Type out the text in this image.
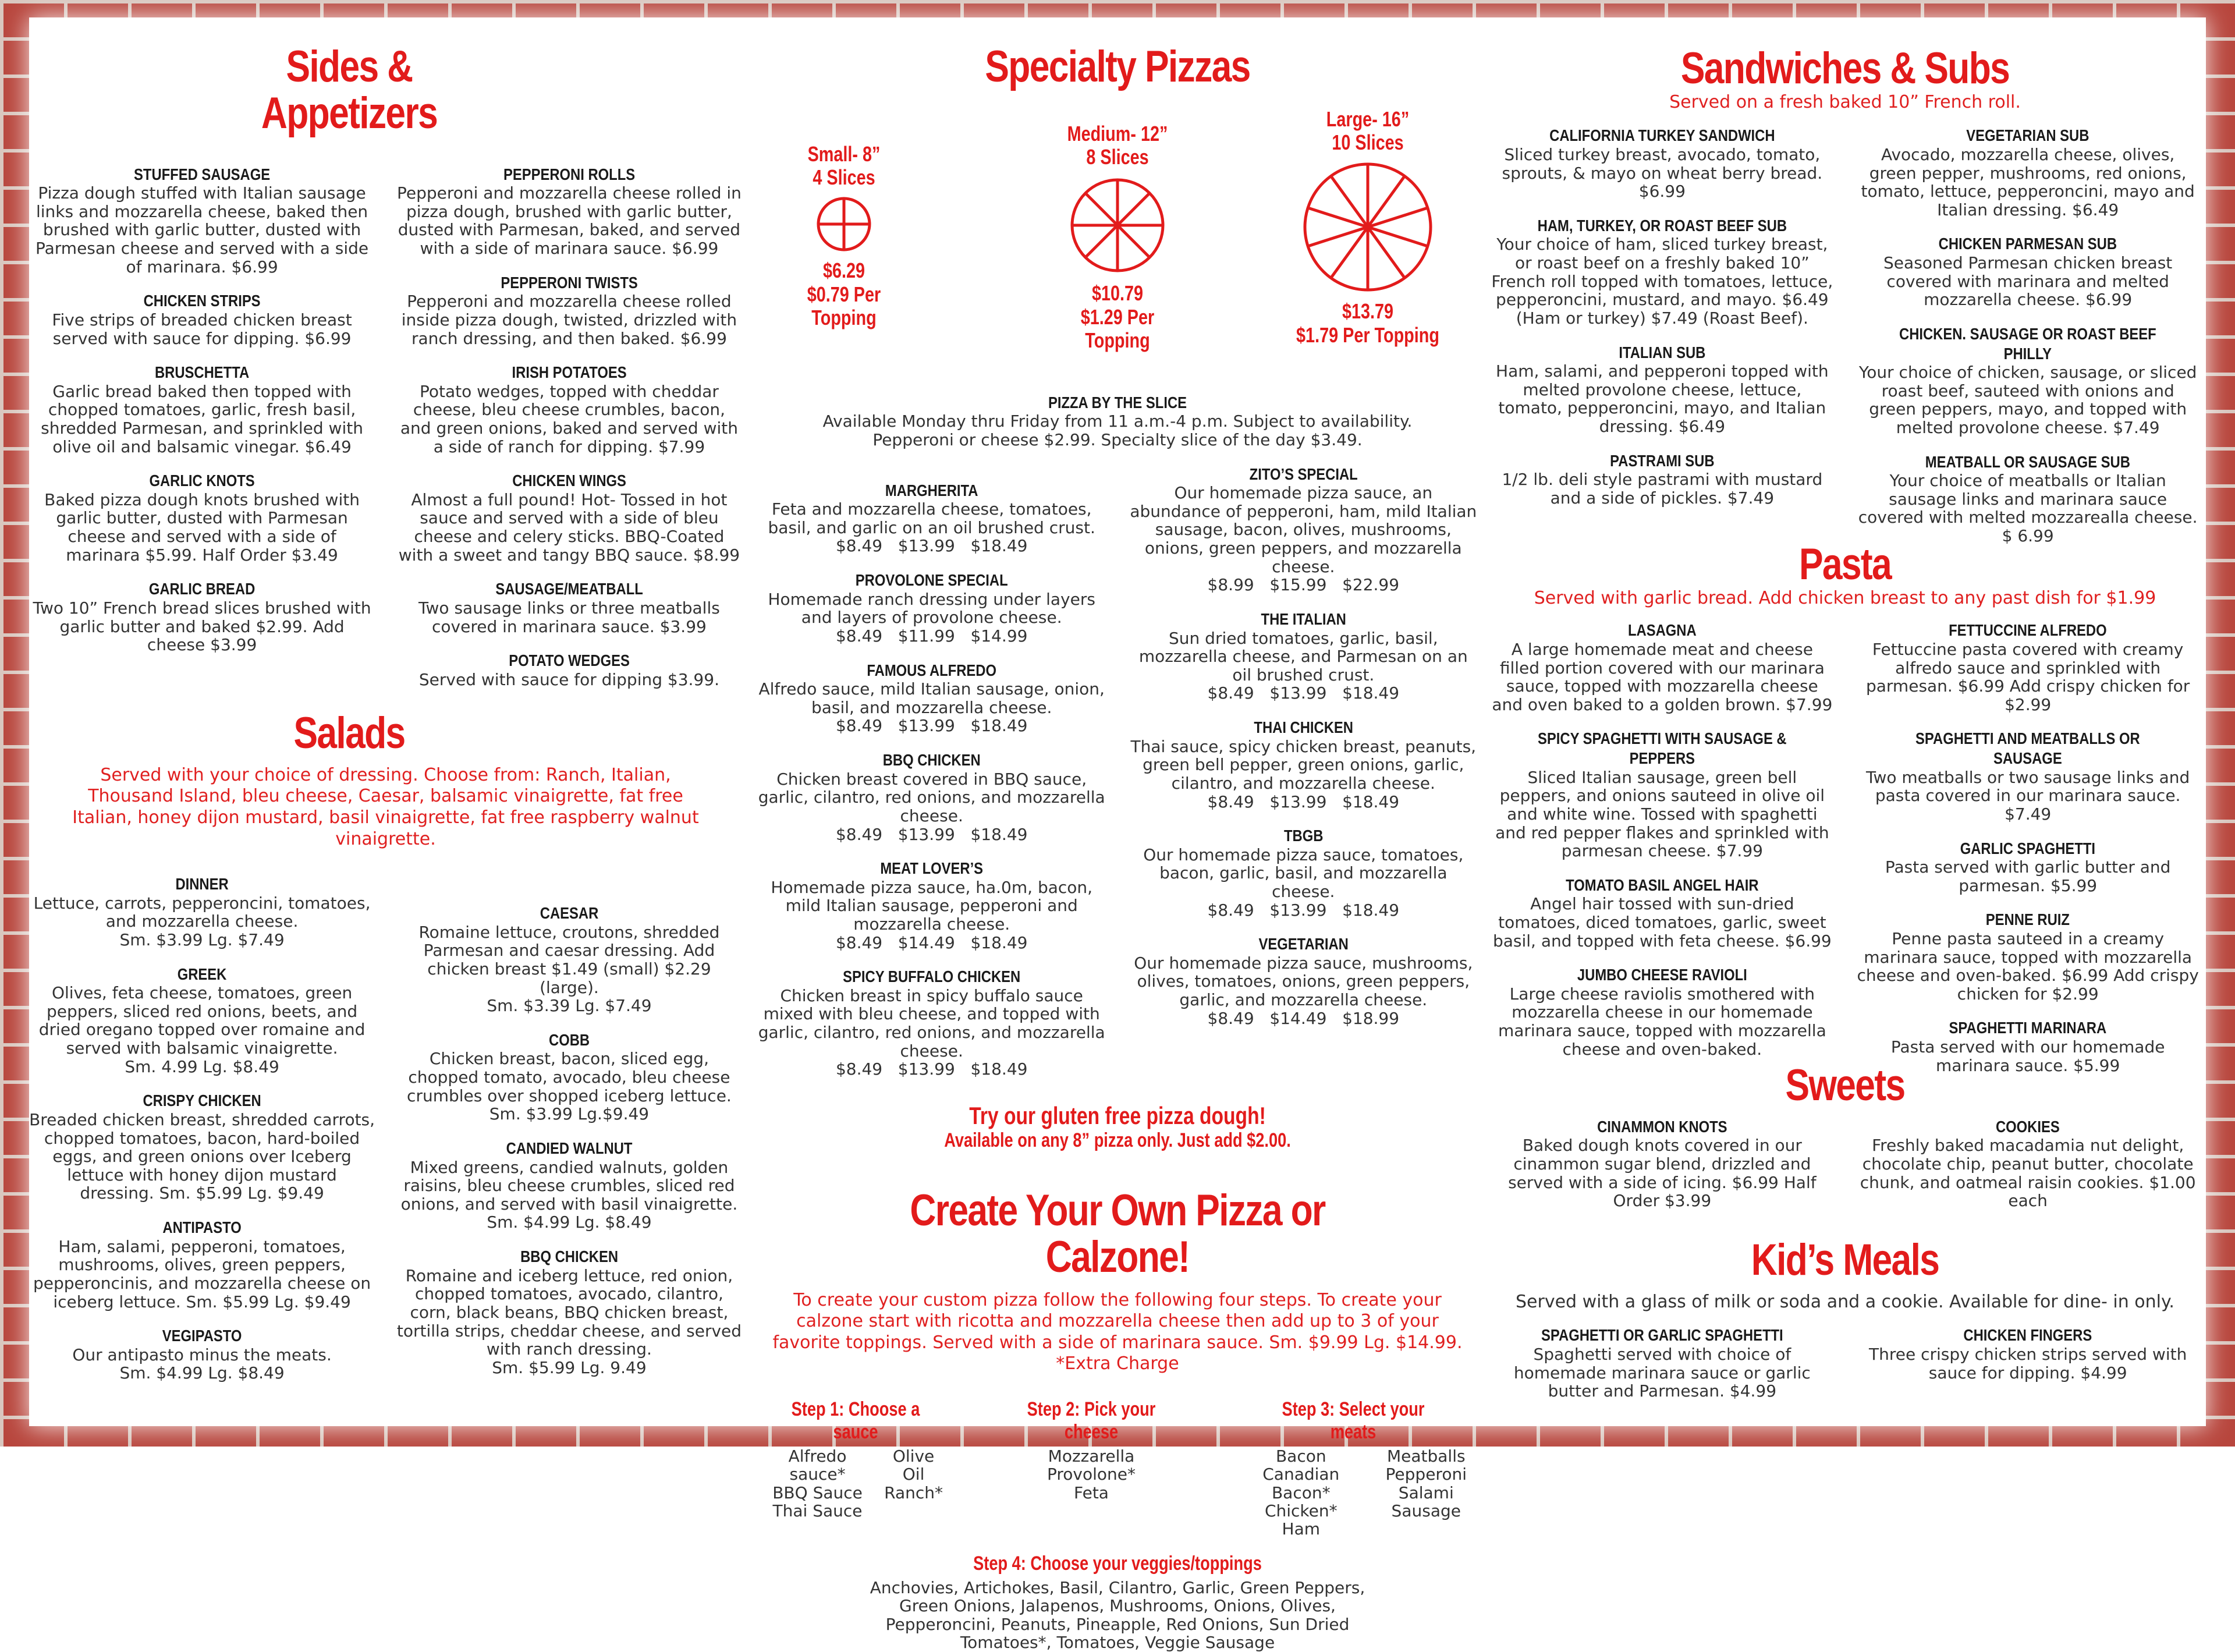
Sides & Appetizers
STUFFED SAUSAGE
Pizza dough stuffed with Italian sausage links and mozzarella cheese, baked then brushed with garlic butter, dusted with Parmesan cheese and served with a side of marinara. $6.99
CHICKEN STRIPS
Five strips of breaded chicken breast served with sauce for dipping. $6.99
BRUSCHETTA
Garlic bread baked then topped with chopped tomatoes, garlic, fresh basil, shredded Parmesan, and sprinkled with olive oil and balsamic vinegar. $6.49
GARLIC KNOTS
Baked pizza dough knots brushed with garlic butter, dusted with Parmesan cheese and served with a side of marinara $5.99. Half Order $3.49
GARLIC BREAD
Two 10” French bread slices brushed with garlic butter and baked $2.99. Add cheese $3.99
PEPPERONI ROLLS
Pepperoni and mozzarella cheese rolled in pizza dough, brushed with garlic butter, dusted with Parmesan, baked, and served with a side of marinara sauce. $6.99
PEPPERONI TWISTS
Pepperoni and mozzarella cheese rolled inside pizza dough, twisted, drizzled with ranch dressing, and then baked. $6.99
IRISH POTATOES
Potato wedges, topped with cheddar cheese, bleu cheese crumbles, bacon, and green onions, baked and served with a side of ranch for dipping. $7.99
CHICKEN WINGS
Almost a full pound! Hot- Tossed in hot sauce and served with a side of bleu cheese and celery sticks. BBQ-Coated with a sweet and tangy BBQ sauce. $8.99
SAUSAGE/MEATBALL
Two sausage links or three meatballs covered in marinara sauce. $3.99
POTATO WEDGES
Served with sauce for dipping $3.99.
Salads

Served with your choice of dressing. Choose from: Ranch, Italian, Thousand Island, bleu cheese, Caesar, balsamic vinaigrette, fat free Italian, honey dijon mustard, basil vinaigrette, fat free raspberry walnut vinaigrette.

DINNER
Lettuce, carrots, pepperoncini, tomatoes, and mozzarella cheese.
Sm. $3.99 Lg. $7.49
GREEK
Olives, feta cheese, tomatoes, green peppers, sliced red onions, beets, and dried oregano topped over romaine and served with balsamic vinaigrette.
Sm. 4.99 Lg. $8.49
CRISPY CHICKEN
Breaded chicken breast, shredded carrots, chopped tomatoes, bacon, hard-boiled eggs, and green onions over Iceberg lettuce with honey dijon mustard dressing. Sm. $5.99 Lg. $9.49
ANTIPASTO
Ham, salami, pepperoni, tomatoes, mushrooms, olives, green peppers, pepperoncinis, and mozzarella cheese on iceberg lettuce. Sm. $5.99 Lg. $9.49
VEGIPASTO
Our antipasto minus the meats.
Sm. $4.99 Lg. $8.49
CAESAR
Romaine lettuce, croutons, shredded Parmesan and caesar dressing. Add chicken breast $1.49 (small) $2.29 (large).
Sm. $3.39 Lg. $7.49
COBB
Chicken breast, bacon, sliced egg, chopped tomato, avocado, bleu cheese crumbles over shopped iceberg lettuce.
Sm. $3.99 Lg.$9.49
CANDIED WALNUT
Mixed greens, candied walnuts, golden raisins, bleu cheese crumbles, sliced red onions, and served with basil vinaigrette.
Sm. $4.99 Lg. $8.49
BBQ CHICKEN
Romaine and iceberg lettuce, red onion, chopped tomatoes, avocado, cilantro, corn, black beans, BBQ chicken breast, tortilla strips, cheddar cheese, and served with ranch dressing.
Sm. $5.99 Lg. 9.49
Specialty Pizzas
Small- 8”
4 Slices
$6.29
$0.79 Per Topping
Medium- 12”
8 Slices
$10.79
$1.29 Per Topping
Large- 16”
10 Slices
$13.79
$1.79 Per Topping
PIZZA BY THE SLICE
Available Monday thru Friday from 11 a.m.-4 p.m. Subject to availability.
Pepperoni or cheese $2.99. Specialty slice of the day $3.49.
MARGHERITA
Feta and mozzarella cheese, tomatoes, basil, and garlic on an oil brushed crust.
$8.49   $13.99   $18.49
PROVOLONE SPECIAL
Homemade ranch dressing under layers and layers of provolone cheese.
$8.49   $11.99   $14.99
FAMOUS ALFREDO
Alfredo sauce, mild Italian sausage, onion, basil, and mozzarella cheese.
$8.49   $13.99   $18.49
BBQ CHICKEN
Chicken breast covered in BBQ sauce, garlic, cilantro, red onions, and mozzarella cheese.
$8.49   $13.99   $18.49
MEAT LOVER’S
Homemade pizza sauce, ha.0m, bacon, mild Italian sausage, pepperoni and mozzarella cheese.
$8.49   $14.49   $18.49
SPICY BUFFALO CHICKEN
Chicken breast in spicy buffalo sauce mixed with bleu cheese, and topped with garlic, cilantro, red onions, and mozzarella cheese.
$8.49   $13.99   $18.49
ZITO’S SPECIAL
Our homemade pizza sauce, an abundance of pepperoni, ham, mild Italian sausage, bacon, olives, mushrooms, onions, green peppers, and mozzarella cheese.
$8.99   $15.99   $22.99
THE ITALIAN
Sun dried tomatoes, garlic, basil, mozzarella cheese, and Parmesan on an oil brushed crust.
$8.49   $13.99   $18.49
THAI CHICKEN
Thai sauce, spicy chicken breast, peanuts, green bell pepper, green onions, garlic, cilantro, and mozzarella cheese.
$8.49   $13.99   $18.49
TBGB
Our homemade pizza sauce, tomatoes, bacon, garlic, basil, and mozzarella cheese.
$8.49   $13.99   $18.49
VEGETARIAN
Our homemade pizza sauce, mushrooms, olives, tomatoes, onions, green peppers, garlic, and mozzarella cheese.
$8.49   $14.49   $18.99
Try our gluten free pizza dough!
Available on any 8” pizza only. Just add $2.00.
Create Your Own Pizza or Calzone!

To create your custom pizza follow the following four steps. To create your calzone start with ricotta and mozzarella cheese then add up to 3 of your favorite toppings. Served with a side of marinara sauce. Sm. $9.99 Lg. $14.99. *Extra Charge

Step 1: Choose a sauce
Alfredo sauce*
BBQ Sauce
Thai Sauce
Olive Oil
Ranch*
Step 2: Pick your cheese
Mozzarella
Provolone*
Feta
Step 3: Select your meats
Bacon
Canadian Bacon*
Chicken*
Ham
Meatballs
Pepperoni
Salami
Sausage
Step 4: Choose your veggies/toppings
Anchovies, Artichokes, Basil, Cilantro, Garlic, Green Peppers, Green Onions, Jalapenos, Mushrooms, Onions, Olives, Pepperoncini, Peanuts, Pineapple, Red Onions, Sun Dried Tomatoes*, Tomatoes, Veggie Sausage
Sandwiches & Subs

Served on a fresh baked 10” French roll.

CALIFORNIA TURKEY SANDWICH
Sliced turkey breast, avocado, tomato, sprouts, & mayo on wheat berry bread. $6.99
HAM, TURKEY, OR ROAST BEEF SUB
Your choice of ham, sliced turkey breast, or roast beef on a freshly baked 10” French roll topped with tomatoes, lettuce, pepperoncini, mustard, and mayo. $6.49 (Ham or turkey) $7.49 (Roast Beef).
ITALIAN SUB
Ham, salami, and pepperoni topped with melted provolone cheese, lettuce, tomato, pepperoncini, mayo, and Italian dressing. $6.49
PASTRAMI SUB
1/2 lb. deli style pastrami with mustard and a side of pickles. $7.49
VEGETARIAN SUB
Avocado, mozzarella cheese, olives, green pepper, mushrooms, red onions, tomato, lettuce, pepperoncini, mayo and Italian dressing. $6.49
CHICKEN PARMESAN SUB
Seasoned Parmesan chicken breast covered with marinara and melted mozzarella cheese. $6.99
CHICKEN. SAUSAGE OR ROAST BEEF PHILLY
Your choice of chicken, sausage, or sliced roast beef, sauteed with onions and green peppers, mayo, and topped with melted provolone cheese. $7.49
MEATBALL OR SAUSAGE SUB
Your choice of meatballs or Italian sausage links and marinara sauce covered with melted mozzarealla cheese. $ 6.99
Pasta

Served with garlic bread. Add chicken breast to any past dish for $1.99

LASAGNA
A large homemade meat and cheese filled portion covered with our marinara sauce, topped with mozzarella cheese and oven baked to a golden brown. $7.99
SPICY SPAGHETTI WITH SAUSAGE & PEPPERS
Sliced Italian sausage, green bell peppers, and onions sauteed in olive oil and white wine. Tossed with spaghetti and red pepper flakes and sprinkled with parmesan cheese. $7.99
TOMATO BASIL ANGEL HAIR
Angel hair tossed with sun-dried tomatoes, diced tomatoes, garlic, sweet basil, and topped with feta cheese. $6.99
JUMBO CHEESE RAVIOLI
Large cheese raviolis smothered with mozzarella cheese in our homemade marinara sauce, topped with mozzarella cheese and oven-baked.
FETTUCCINE ALFREDO
Fettuccine pasta covered with creamy alfredo sauce and sprinkled with parmesan. $6.99 Add crispy chicken for $2.99
SPAGHETTI AND MEATBALLS OR SAUSAGE
Two meatballs or two sausage links and pasta covered in our marinara sauce. $7.49
GARLIC SPAGHETTI
Pasta served with garlic butter and parmesan. $5.99
PENNE RUIZ
Penne pasta sauteed in a creamy marinara sauce, topped with mozzarella cheese and oven-baked. $6.99 Add crispy chicken for $2.99
SPAGHETTI MARINARA
Pasta served with our homemade marinara sauce. $5.99
Sweets
CINAMMON KNOTS
Baked dough knots covered in our cinammon sugar blend, drizzled and served with a side of icing. $6.99 Half Order $3.99
COOKIES
Freshly baked macadamia nut delight, chocolate chip, peanut butter, chocolate chunk, and oatmeal raisin cookies. $1.00 each
Kid’s Meals

Served with a glass of milk or soda and a cookie. Available for dine- in only.

SPAGHETTI OR GARLIC SPAGHETTI
Spaghetti served with choice of homemade marinara sauce or garlic butter and Parmesan. $4.99
CHICKEN FINGERS
Three crispy chicken strips served with sauce for dipping. $4.99
